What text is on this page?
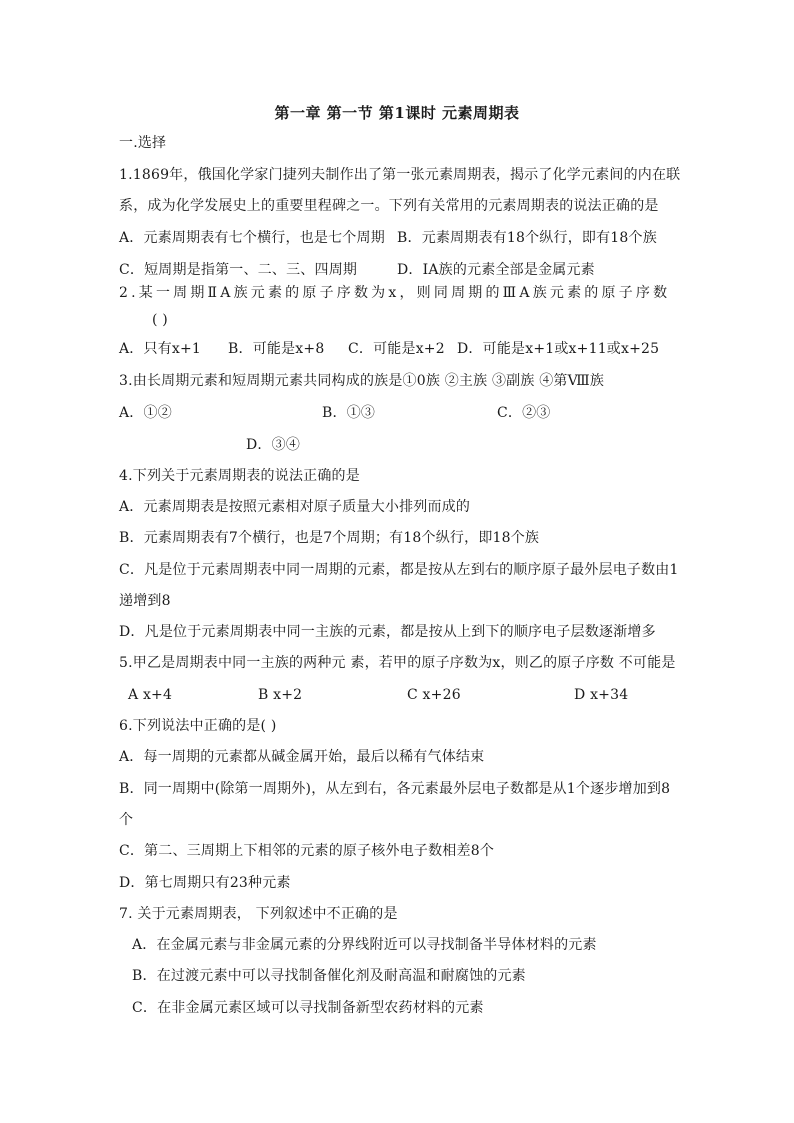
第一章 第一节 第1课时 元素周期表
一.选择
1.1869年，俄国化学家门捷列夫制作出了第一张元素周期表，揭示了化学元素间的内在联
系，成为化学发展史上的重要里程碑之一。下列有关常用的元素周期表的说法正确的是
A．元素周期表有七个横行，也是七个周期 B．元素周期表有18个纵行，即有18个族
C．短周期是指第一、二、三、四周期	D．ⅠA族的元素全部是金属元素
2.某一周期ⅡA族元素的原子序数为x，则同周期的ⅢA族元素的原子序数
( )
A．只有x+1 B．可能是x+8 C．可能是x+2 D．可能是x+1或x+11或x+25
3.由长周期元素和短周期元素共同构成的族是①0族 ②主族 ③副族 ④第Ⅷ族
A．①②	B．①③	C．②③
D．③④
4.下列关于元素周期表的说法正确的是
A．元素周期表是按照元素相对原子质量大小排列而成的
B．元素周期表有7个横行，也是7个周期；有18个纵行，即18个族
C．凡是位于元素周期表中同一周期的元素，都是按从左到右的顺序原子最外层电子数由1
递增到8
D．凡是位于元素周期表中同一主族的元素，都是按从上到下的顺序电子层数逐渐增多
5.甲乙是周期表中同一主族的两种元 素，若甲的原子序数为x，则乙的原子序数 不可能是
A x+4	B x+2	C x+26	D x+34
6.下列说法中正确的是( )
A．每一周期的元素都从碱金属开始，最后以稀有气体结束
B．同一周期中(除第一周期外)，从左到右，各元素最外层电子数都是从1个逐步增加到8
个
C．第二、三周期上下相邻的元素的原子核外电子数相差8个
D．第七周期只有23种元素
7. 关于元素周期表， 下列叙述中不正确的是
A．在金属元素与非金属元素的分界线附近可以寻找制备半导体材料的元素
B．在过渡元素中可以寻找制备催化剂及耐高温和耐腐蚀的元素
C．在非金属元素区域可以寻找制备新型农药材料的元素
